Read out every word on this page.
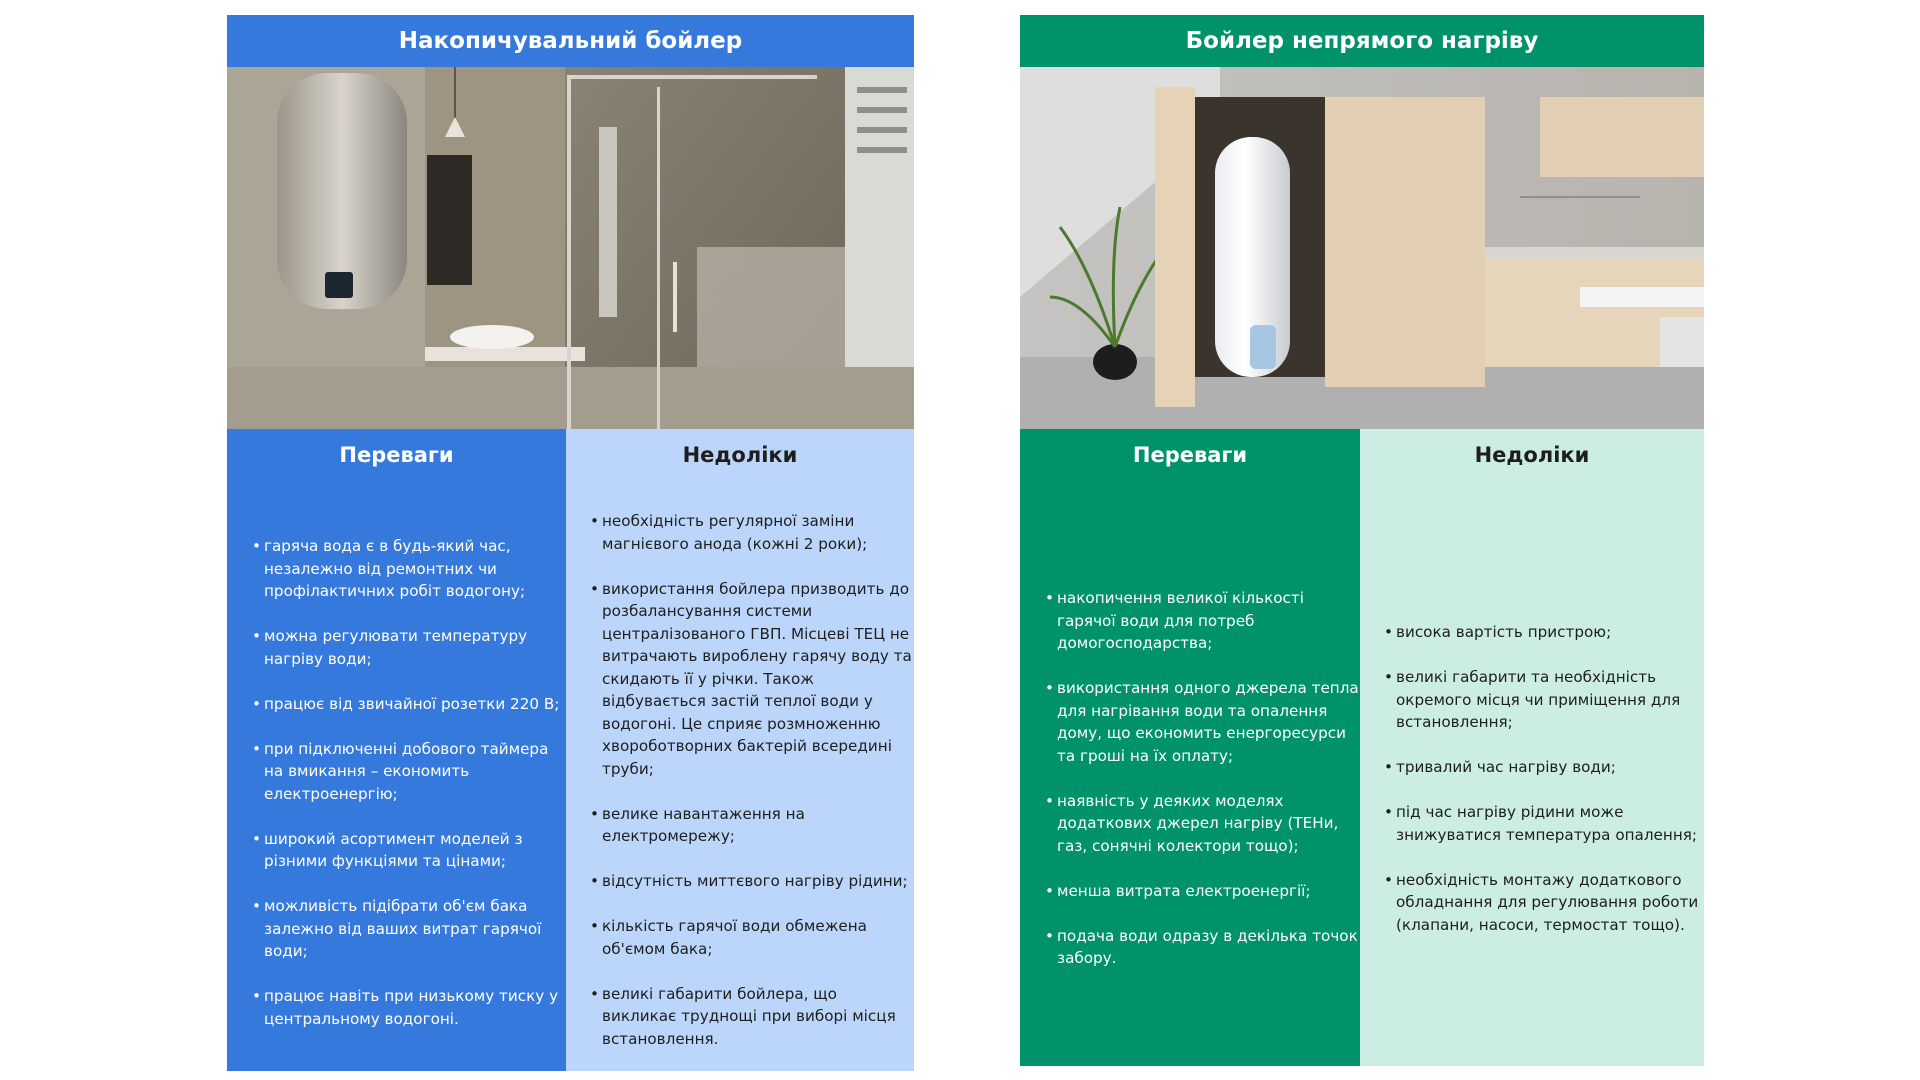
Накопичувальний бойлер
Переваги
• гаряча вода є в будь-який час, незалежно від ремонтних чи профілактичних робіт водогону;
• можна регулювати температуру нагріву води;
• працює від звичайної розетки 220 В;
• при підключенні добового таймера на вмикання – економить електроенергію;
• широкий асортимент моделей з різними функціями та цінами;
• можливість підібрати об'єм бака залежно від ваших витрат гарячої води;
• працює навіть при низькому тиску у центральному водогоні.
Недоліки
• необхідність регулярної заміни магнієвого анода (кожні 2 роки);
• використання бойлера призводить до розбалансування системи централізованого ГВП. Місцеві ТЕЦ не витрачають вироблену гарячу воду та скидають її у річки. Також відбувається застій теплої води у водогоні. Це сприяє розмноженню хвороботворних бактерій всередині труби;
• велике навантаження на електромережу;
• відсутність миттєвого нагріву рідини;
• кількість гарячої води обмежена об'ємом бака;
• великі габарити бойлера, що викликає труднощі при виборі місця встановлення.
Бойлер непрямого нагріву
Переваги
• накопичення великої кількості гарячої води для потреб домогосподарства;
• використання одного джерела тепла для нагрівання води та опалення дому, що економить енергоресурси та гроші на їх оплату;
• наявність у деяких моделях додаткових джерел нагріву (ТЕНи, газ, сонячні колектори тощо);
• менша витрата електроенергії;
• подача води одразу в декілька точок забору.
Недоліки
• висока вартість пристрою;
• великі габарити та необхідність окремого місця чи приміщення для встановлення;
• тривалий час нагріву води;
• під час нагріву рідини може знижуватися температура опалення;
• необхідність монтажу додаткового обладнання для регулювання роботи (клапани, насоси, термостат тощо).
